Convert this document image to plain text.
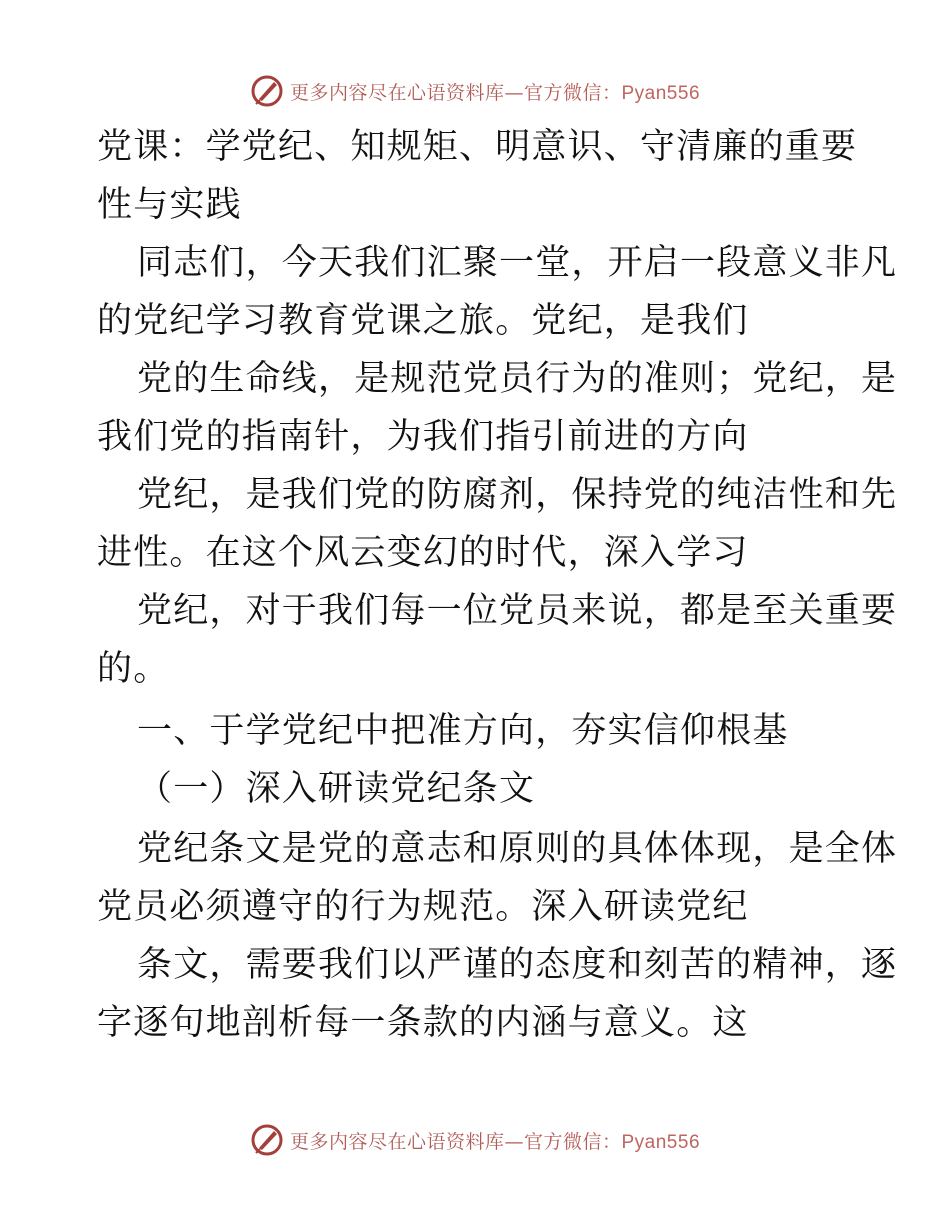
更多内容尽在心语资料库—官方微信：Pyan556
党课：学党纪、知规矩、明意识、守清廉的重要
性与实践
同志们，今天我们汇聚一堂，开启一段意义非凡
的党纪学习教育党课之旅。党纪，是我们
党的生命线，是规范党员行为的准则；党纪，是
我们党的指南针，为我们指引前进的方向
党纪，是我们党的防腐剂，保持党的纯洁性和先
进性。在这个风云变幻的时代，深入学习
党纪，对于我们每一位党员来说，都是至关重要
的。
一、于学党纪中把准方向，夯实信仰根基
（一）深入研读党纪条文
党纪条文是党的意志和原则的具体体现，是全体
党员必须遵守的行为规范。深入研读党纪
条文，需要我们以严谨的态度和刻苦的精神，逐
字逐句地剖析每一条款的内涵与意义。这
更多内容尽在心语资料库—官方微信：Pyan556
